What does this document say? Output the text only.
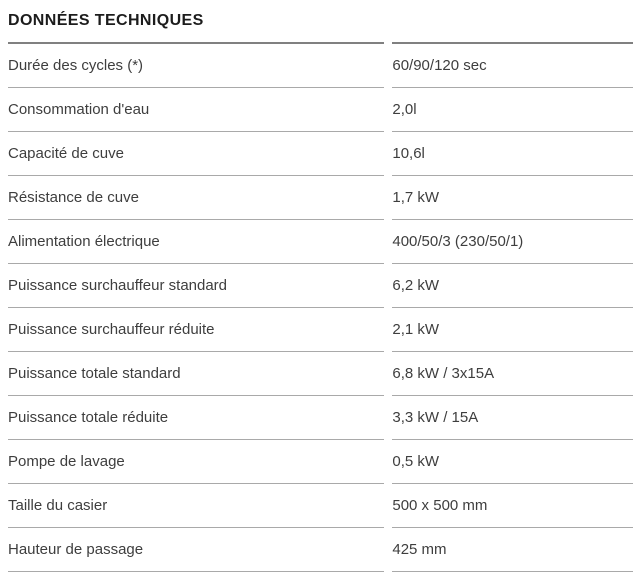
DONNÉES TECHNIQUES
Durée des cycles (*)	60/90/120 sec
Consommation d'eau	2,0l
Capacité de cuve	10,6l
Résistance de cuve	1,7 kW
Alimentation électrique	400/50/3 (230/50/1)
Puissance surchauffeur standard	6,2 kW
Puissance surchauffeur réduite	2,1 kW
Puissance totale standard	6,8 kW / 3x15A
Puissance totale réduite	3,3 kW / 15A
Pompe de lavage	0,5 kW
Taille du casier	500 x 500 mm
Hauteur de passage	425 mm
